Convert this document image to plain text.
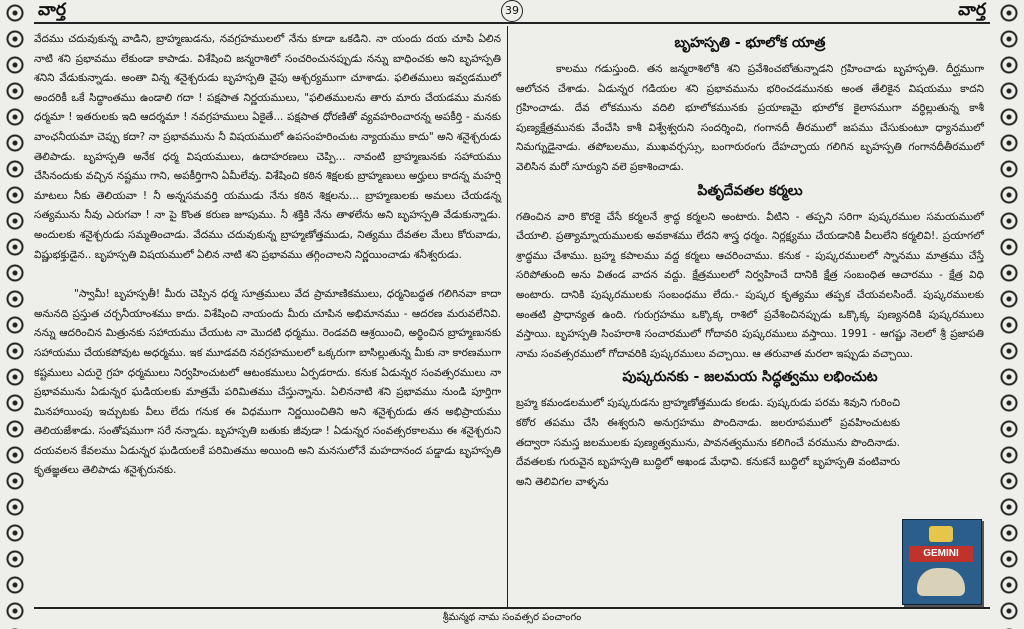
వార్త	39	వార్త

వేదము చదువుకున్న వాడిని, బ్రాహ్మణుడను, నవగ్రహములలో నేను కూడా ఒకడిని. నా యందు దయ చూపి ఏలిన నాటి శని ప్రభావము లేకుండా కాపాడు. విశేషించి జన్మరాశిలో సంచరించునప్పుడు నన్ను బాధించకు అని బృహస్పతి శనిని వేడుకున్నాడు. అంతా విన్న శనైశ్చరుడు బృహస్పతి వైపు ఆశ్చర్యముగా చూశాడు. ఫలితములు ఇవ్వడములో అందరికీ ఒకే సిద్ధాంతము ఉండాలి గదా ! పక్షపాత నిర్ణయములు, "ఫలితములను తారు మారు చేయడము మనకు ధర్మమా ! ఇతరులకు ఇది ఆదర్శమా ! నవగ్రహములు ఏకైతే... పక్షపాత ధోరణితో వ్యవహరించారన్న అపకీర్తి - మనకు వాంఛనీయమా చెప్పు కదా? నా ప్రభావమును నీ విషయములో ఉపసంహరించుట న్యాయము కాదు" అని శనైశ్చరుడు తెలిపాడు. బృహస్పతి అనేక ధర్మ విషయములు, ఉదాహరణలు చెప్పి... నావంటి బ్రాహ్మణునకు సహాయము చేసినందుకు వచ్చిన నష్టము గాని, అపకీర్తిగాని ఏమీలేవు. విశేషించి కఠిన శిక్షలకు బ్రాహ్మణులు అర్హులు కాదన్న మహర్షి మాటలు నీకు తెలియవా ! నీ అన్నసమవర్తి యముడు నేను కఠిన శిక్షలను... బ్రాహ్మణులకు అమలు చేయడన్న సత్యమును నీవు ఎరుగవా ! నా పై కొంత కరుణ జూపుము. నీ శక్తికి నేను తాళలేను అని బృహస్పతి వేడుకున్నాడు. అందులకు శనైశ్చరుడు సమ్మతించాడు. వేదము చదువుకున్న బ్రాహ్మణోత్తముడు, నిత్యము దేవతల మేలు కోరువాడు, విష్ణుభక్తుడైన.. బృహస్పతి విషయములో ఏలిన నాటి శని ప్రభావము తగ్గించాలని నిర్ణయించాడు శనీశ్వరుడు.

"స్వామీ! బృహస్పతీ! మీరు చెప్పిన ధర్మ సూత్రములు వేద ప్రామాణికములు, ధర్మనిబద్ధత గలిగినవా కాదా అనునది ప్రస్తుత చర్చనీయాంశము కాదు. విశేషించి నాయందు మీరు చూపిన అభిమానము - ఆదరణ మరువలేనివి. నన్ను ఆదరించిన మిత్రునకు సహాయము చేయుట నా మొదటి ధర్మము. రెండవది ఆశ్రయించి, అర్థించిన బ్రాహ్మణునకు సహాయము చేయకపోవుట అధర్మము. ఇక మూడవది నవగ్రహములలో ఒక్కరుగా బాసిల్లుతున్న మీకు నా కారణముగా కష్టములు ఎదురై గ్రహ ధర్మములు నిర్వహించుటలో ఆటంకములు ఏర్పడరాదు. కనుక ఏడున్నర సంవత్సరములు నా ప్రభావమును ఏడున్నర ఘడియలకు మాత్రమే పరిమితము చేస్తున్నాను. ఏలిననాటి శని ప్రభావము నుండి పూర్తిగా మినహాయింపు ఇచ్చుటకు వీలు లేదు గనుక ఈ విధముగా నిర్ణయించితిని అని శనైశ్చరుడు తన అభిప్రాయము తెలియజేశాడు. సంతోషముగా సరే నన్నాడు. బృహస్పతి బతుకు జీవుడా ! ఏడున్నర సంవత్సరకాలము ఈ శనైశ్చరుని దయవలన కేవలము ఏడున్నర ఘడియలకే పరిమితము అయింది అని మనసులోనే మహదానంద పడ్డాడు బృహస్పతి కృతజ్ఞతలు తెలిపాడు శనైశ్చరునకు.

బృహస్పతి - భూలోక యాత్ర

కాలము గడుస్తుంది. తన జన్మరాశిలోకి శని ప్రవేశించబోతున్నాడని గ్రహించాడు బృహస్పతి. దీర్ఘముగా ఆలోచన చేశాడు. ఏడున్నర గడియల శని ప్రభావమును భరించడమునకు అంత తేలికైన విషయము కాదని గ్రహించాడు. దేవ లోకమును వదిలి భూలోకమునకు ప్రయాణమై భూలోక కైలాసముగా వర్ధిల్లుతున్న కాశీ పుణ్యక్షేత్రమునకు వేంచేసి కాశీ విశ్వేశ్వరుని సందర్శించి, గంగానదీ తీరములో జపము చేసుకుంటూ ధ్యానములో నిమగ్నుడైనాడు. తపోబలము, ముఖవర్చస్సు, బంగారురంగు దేహచ్ఛాయ గలిగిన బృహస్పతి గంగానదీతీరములో వెలిసిన మరో సూర్యుని వలె ప్రకాశించాడు.

పితృదేవతల కర్మలు

గతించిన వారి కొరకై చేసే కర్మలనే శ్రాద్ధ కర్మలని అంటారు. వీటిని - తప్పని సరిగా పుష్కరముల సమయములో చేయాలి. ప్రత్యామ్నాయములకు అవకాశము లేదని శాస్త్ర ధర్మం. నిర్లక్ష్యము చేయడానికి వీలులేని కర్మలివి!. ప్రయాగలో శ్రాద్ధము చేశాము. బ్రహ్మ కపాలము వద్ద కర్మలు ఆచరించాము. కనుక - పుష్కరములలో స్నానము మాత్రము చేస్తే సరిపోతుంది అను వితండ వాదన వద్దు. క్షేత్రములలో నిర్వహించే దానికి క్షేత్ర సంబంధిత ఆచారము - క్షేత్ర విధి అంటారు. దానికి పుష్కరములకు సంబంధము లేదు.- పుష్కర కృత్యము తప్పక చేయవలసిందే. పుష్కరములకు అంతటి ప్రాధాన్యత ఉంది. గురుగ్రహము ఒక్కొక్క రాశిలో ప్రవేశించినప్పుడు ఒక్కొక్క పుణ్యనదికి పుష్కరములు వస్తాయి. బృహస్పతి సింహరాశి సంచారములో గోదావరి పుష్కరములు వస్తాయి. 1991 - ఆగష్టు నెలలో శ్రీ ప్రజాపతి నామ సంవత్సరములో గోదావరికి పుష్కరములు వచ్చాయి. ఆ తరువాత మరలా ఇప్పుడు వచ్చాయి.

పుష్కరునకు - జలమయ సిద్ధత్వము లభించుట

బ్రహ్మ కమండలములో పుష్కరుడను బ్రాహ్మణోత్తముడు కలడు. పుష్కరుడు పరమ శివుని గురించి కఠోర తపము చేసి ఈశ్వరుని అనుగ్రహము పొందినాడు. జలరూపములో ప్రవహించుటకు తద్వారా సమస్త జలములకు పుణ్యత్వమును, పావనత్వమును కలిగించే వరమును పొందినాడు. దేవతలకు గురువైన బృహస్పతి బుద్ధిలో అఖండ మేధావి. కనుకనే బుద్ధిలో బృహస్పతి వంటివారు అని తెలివిగల వాళ్ళను

GEMINI
శ్రీమన్మథ నామ సంవత్సర పంచాంగం
